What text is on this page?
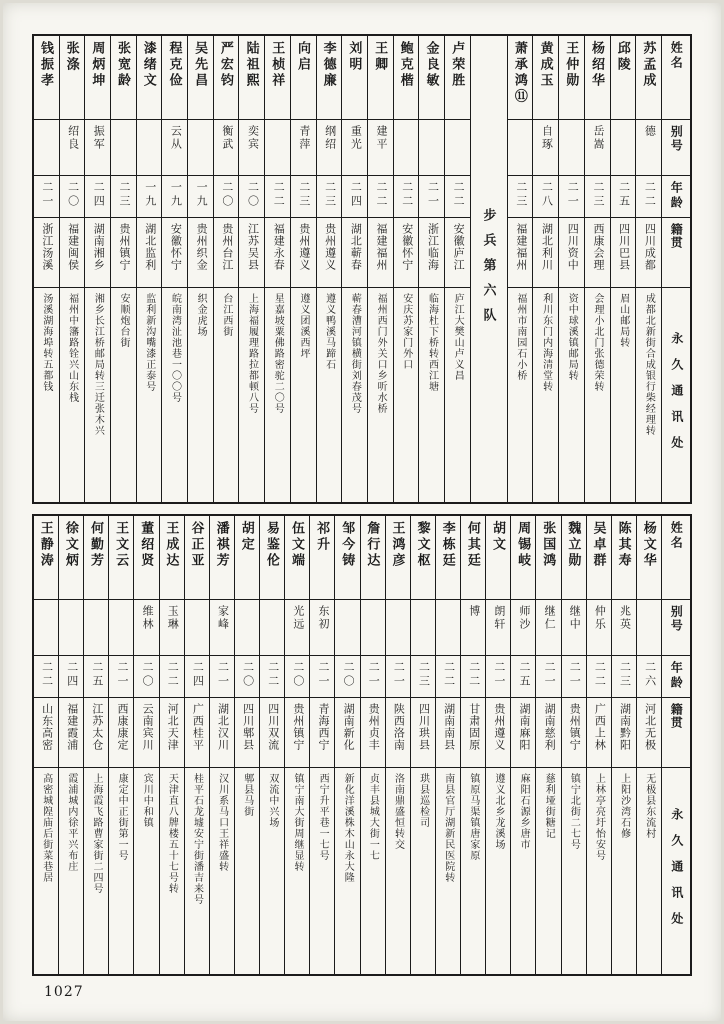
姓名
别号
年龄
籍贯
永久通讯处
苏孟成
德
二二
四川成都
成都北新街合成银行柴经理转
邱陵
二五
四川巴县
眉山邮局转
杨绍华
岳嵩
二三
西康会理
会理小北门张德荣转
王仲勋
二一
四川资中
资中球溪镇邮局转
黄成玉
自琢
二八
湖北利川
利川东门内海清堂转
萧承鸿⑪
二三
福建福州
福州市南园石小桥
步兵第六队
卢荣胜
二二
安徽庐江
庐江大樊山卢义昌
金良敏
二一
浙江临海
临海杜下桥转西江塘
鲍克楷
二二
安徽怀宁
安庆苏家门外口
王卿
建平
二二
福建福州
福州西门外关口乡听水桥
刘明
重光
二四
湖北蕲春
蕲春漕河镇横街刘春茂号
李德廉
纲绍
二三
贵州遵义
遵义鸭溪马蹄石
向启
青萍
二三
贵州遵义
遵义团溪西坪
王桢祥
二二
福建永春
星嘉坡粟佛路密驼二〇号
陆祖熙
奕宾
二〇
江苏吴县
上海福履理路拉都顿八号
严宏钧
衡武
二〇
贵州台江
台江西街
吴先昌
一九
贵州织金
织金虎场
程克俭
云从
一九
安徽怀宁
皖南湾沚池巷一〇〇号
漆绪文
一九
湖北监利
监利新沟嘴漆正泰号
张宽龄
二三
贵州镇宁
安顺炮台街
周炳坤
振军
二四
湖南湘乡
湘乡长江桥邮局转三迁张木兴
张涤
绍良
二〇
福建闽侯
福州中籓路铨兴山东栈
钱振孝
二一
浙江汤溪
汤溪湖海埠转五都钱
姓名
别号
年龄
籍贯
永久通讯处
杨文华
二六
河北无极
无极县东流村
陈其寿
兆英
二三
湖南黔阳
上阳沙湾石修
吴卓群
仲乐
二二
广西上林
上林亭亮圩怡安号
魏立勋
继中
二一
贵州镇宁
镇宁北街二七号
张国鸿
继仁
二一
湖南慈利
慈利垭街糖记
周锡岐
师沙
二五
湖南麻阳
麻阳石源乡唐市
胡文
朗轩
二一
贵州遵义
遵义北乡龙溪场
何其廷
博
二二
甘肃固原
镇原马渠镇唐家原
李栋廷
二二
湖南南县
南县官厅湖新民医院转
黎文枢
二三
四川珙县
珙县巡检司
王鸿彦
二一
陕西洛南
洛南鼎盛恒转交
詹行达
二一
贵州贞丰
贞丰县城大街一七
邹今铸
二〇
湖南新化
新化洋溪株木山永大隆
祁升
东初
二一
青海西宁
西宁升平巷一七号
伍文端
光远
二〇
贵州镇宁
镇宁南大街周继显转
易鉴伦
二二
四川双流
双流中兴场
胡定
二〇
四川郫县
郫县马街
潘祺芳
家峰
二一
湖北汉川
汉川系马口王祥盛转
谷正亚
二四
广西桂平
桂平石龙墟安宁街潘吉来号
王成达
玉琳
二二
河北天津
天津直八牌楼五十七号转
董绍贤
维林
二〇
云南宾川
宾川中和镇
王文云
二一
西康康定
康定中正街第一号
何勤芳
二五
江苏太仓
上海霞飞路曹家街二四号
徐文炳
二四
福建霞浦
霞浦城内徐平兴布庄
王静涛
二二
山东高密
高密城隍庙后街菜巷居
1027
